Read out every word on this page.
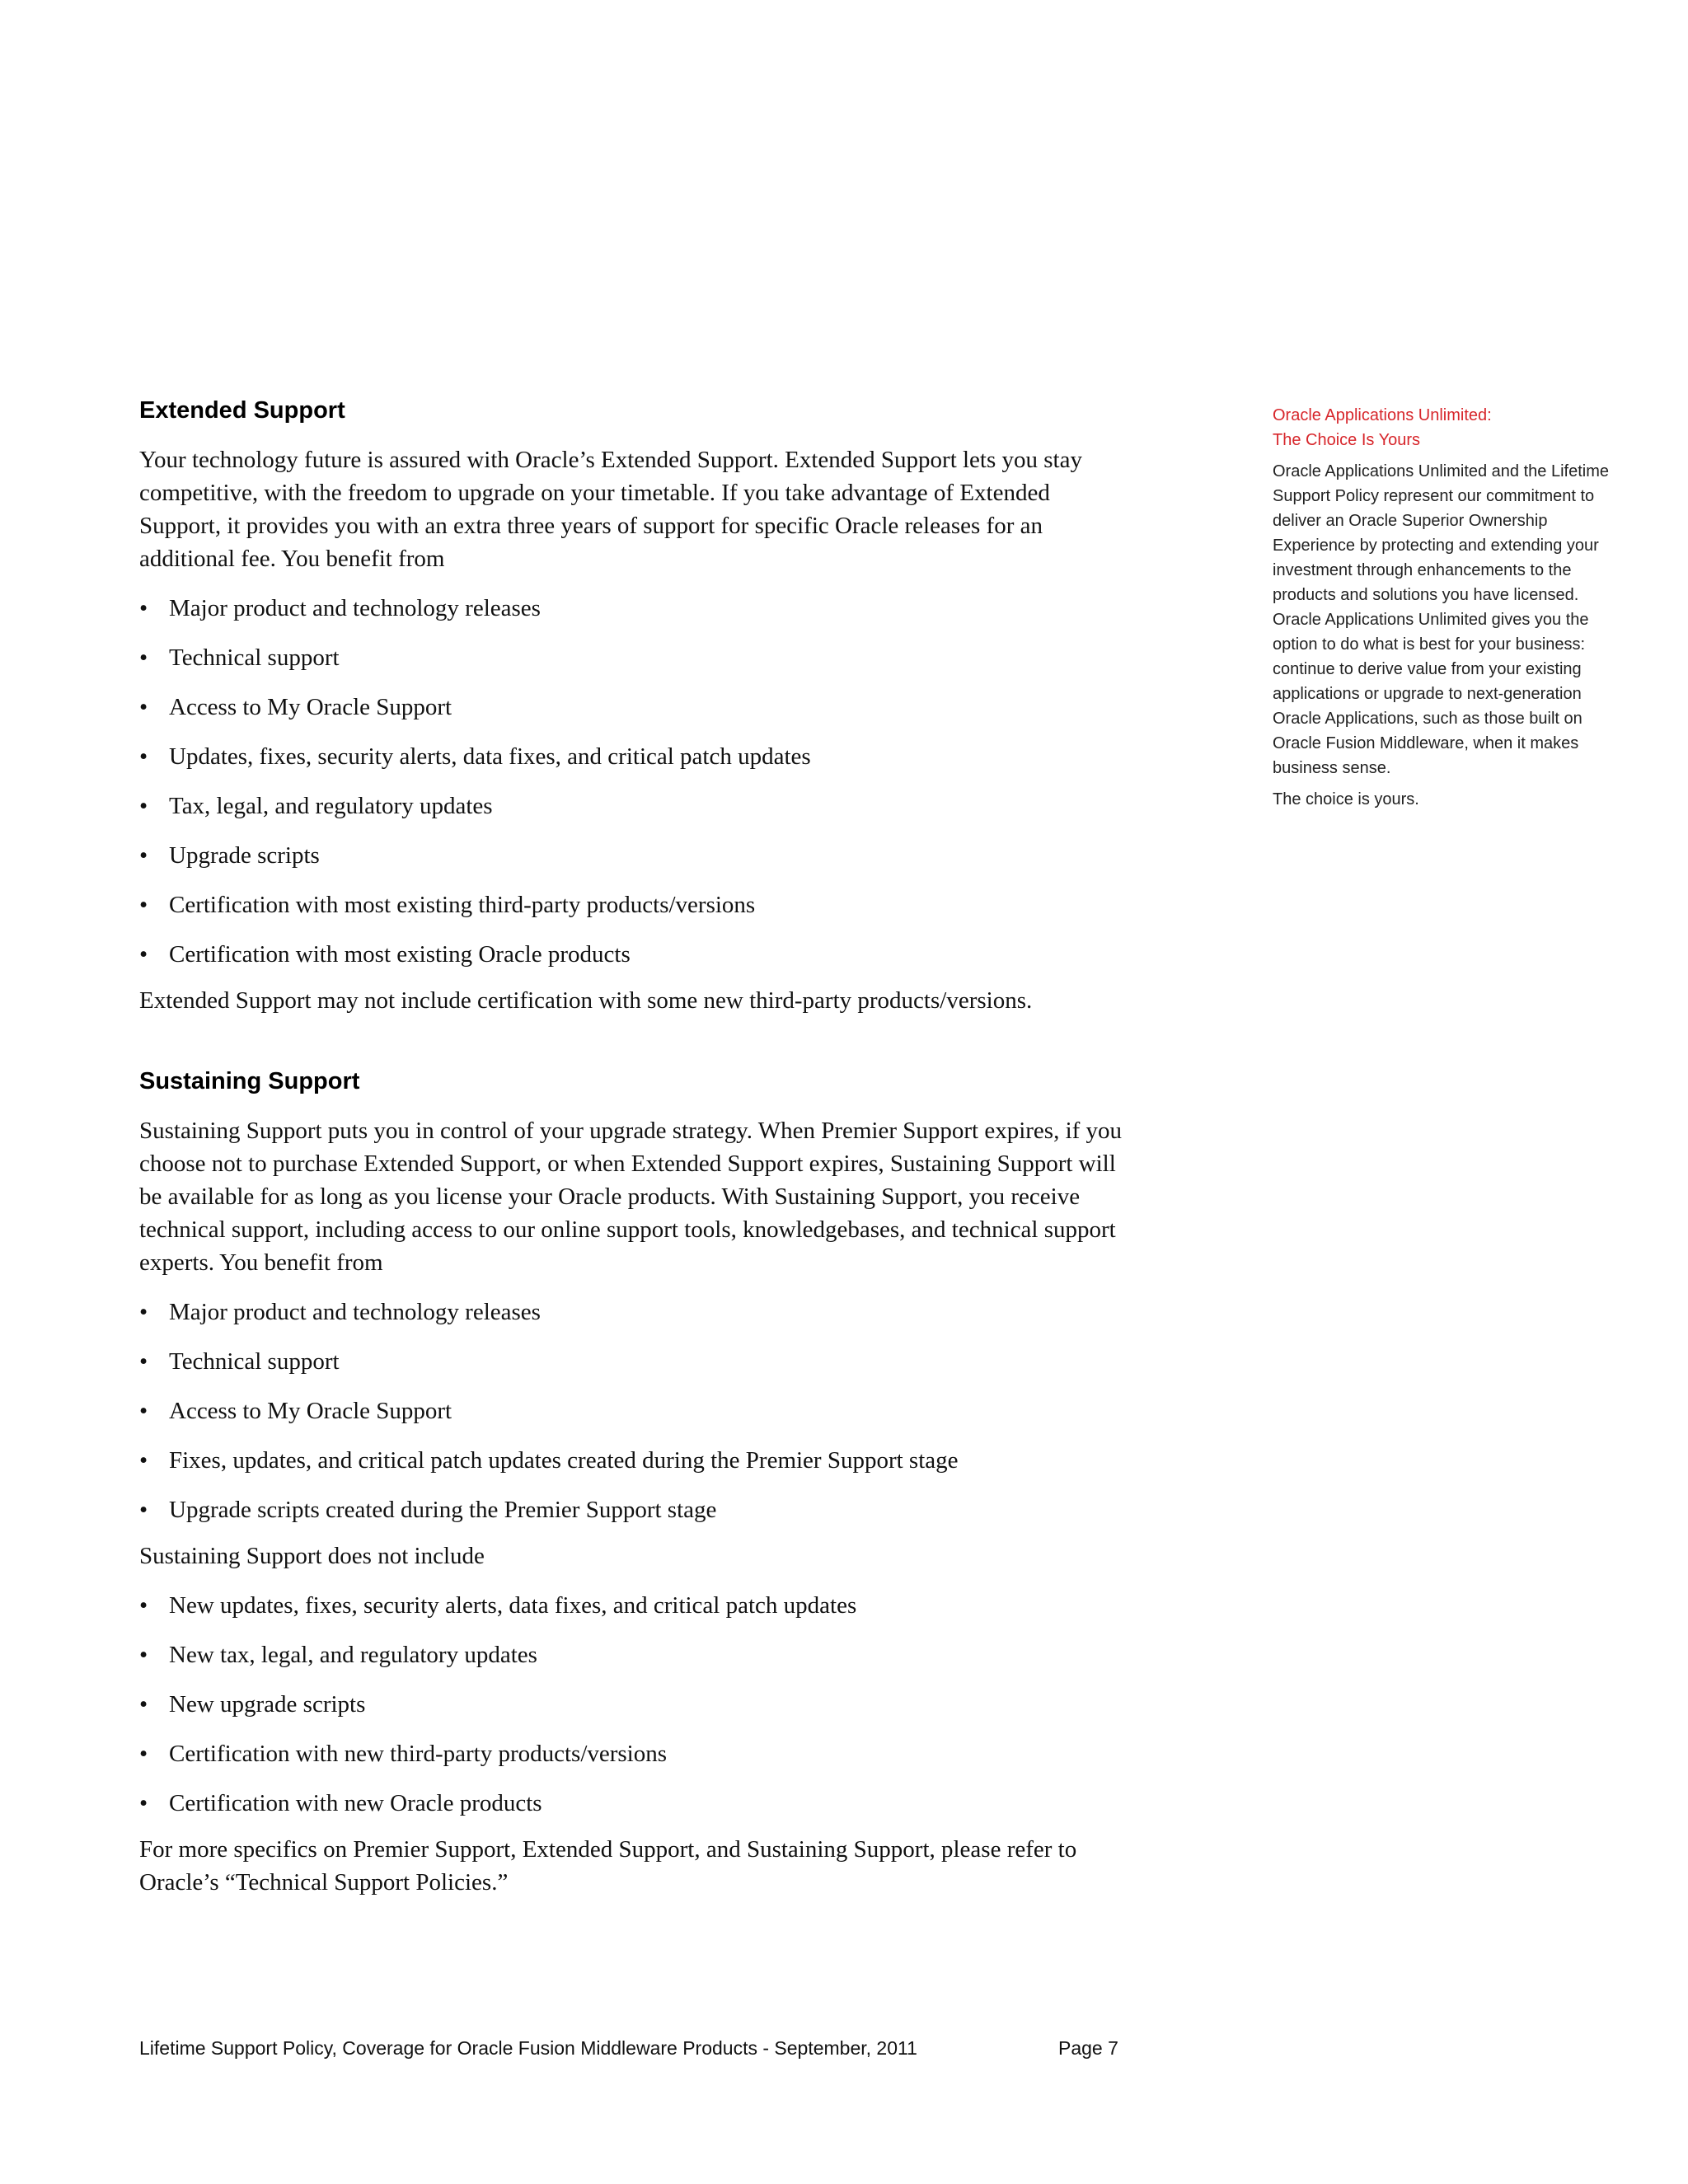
Extended Support

Your technology future is assured with Oracle’s Extended Support. Extended Support lets you stay competitive, with the freedom to upgrade on your timetable. If you take advantage of Extended Support, it provides you with an extra three years of support for specific Oracle releases for an additional fee. You benefit from

• Major product and technology releases
• Technical support
• Access to My Oracle Support
• Updates, fixes, security alerts, data fixes, and critical patch updates
• Tax, legal, and regulatory updates
• Upgrade scripts
• Certification with most existing third-party products/versions
• Certification with most existing Oracle products

Extended Support may not include certification with some new third-party products/versions.

Sustaining Support

Sustaining Support puts you in control of your upgrade strategy. When Premier Support expires, if you choose not to purchase Extended Support, or when Extended Support expires, Sustaining Support will be available for as long as you license your Oracle products. With Sustaining Support, you receive technical support, including access to our online support tools, knowledgebases, and technical support experts. You benefit from

• Major product and technology releases
• Technical support
• Access to My Oracle Support
• Fixes, updates, and critical patch updates created during the Premier Support stage
• Upgrade scripts created during the Premier Support stage

Sustaining Support does not include

• New updates, fixes, security alerts, data fixes, and critical patch updates
• New tax, legal, and regulatory updates
• New upgrade scripts
• Certification with new third-party products/versions
• Certification with new Oracle products

For more specifics on Premier Support, Extended Support, and Sustaining Support, please refer to Oracle’s “Technical Support Policies.”

Oracle Applications Unlimited:
The Choice Is Yours

Oracle Applications Unlimited and the Lifetime Support Policy represent our commitment to deliver an Oracle Superior Ownership Experience by protecting and extending your investment through enhancements to the products and solutions you have licensed. Oracle Applications Unlimited gives you the option to do what is best for your business: continue to derive value from your existing applications or upgrade to next-generation Oracle Applications, such as those built on Oracle Fusion Middleware, when it makes business sense.

The choice is yours.

Lifetime Support Policy, Coverage for Oracle Fusion Middleware Products - September, 2011	Page 7
